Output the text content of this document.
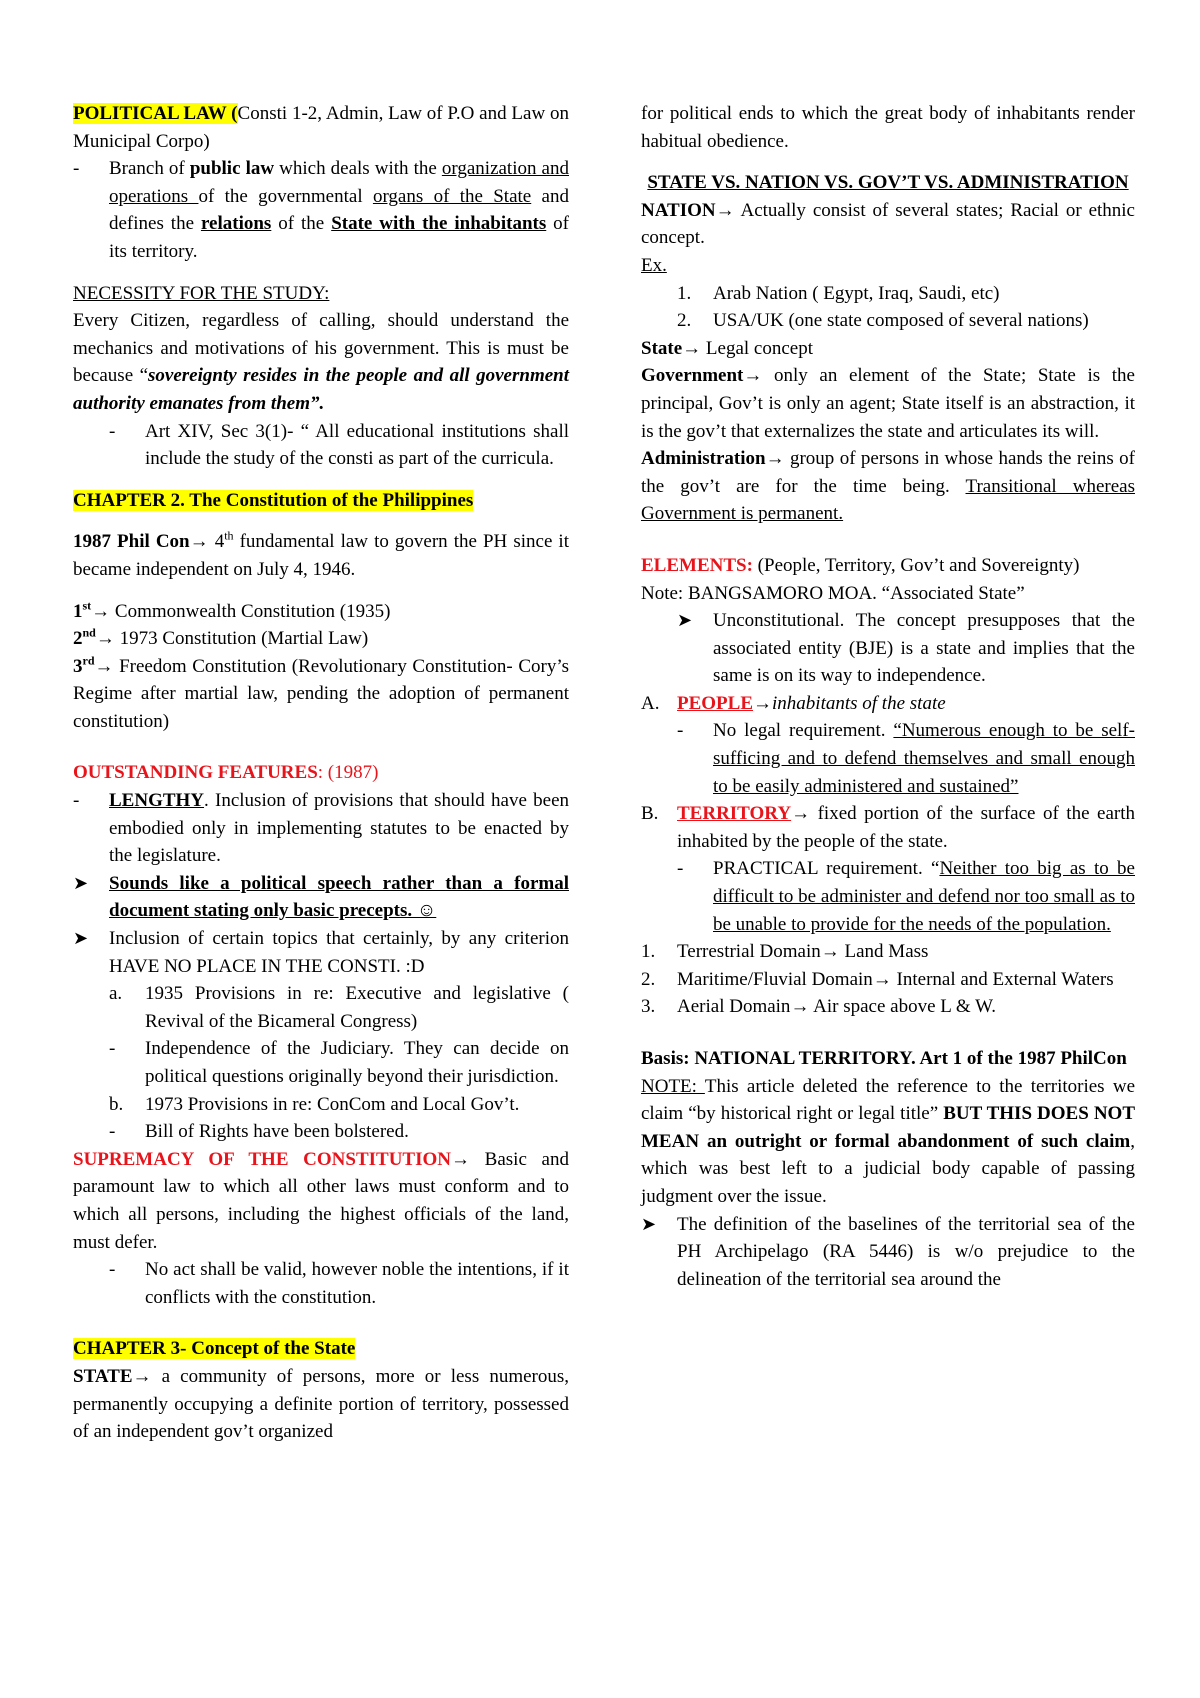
POLITICAL LAW (Consti 1-2, Admin, Law of P.O and Law on Municipal Corpo)

- Branch of public law which deals with the organization and operations of the governmental organs of the State and defines the relations of the State with the inhabitants of its territory.

NECESSITY FOR THE STUDY:

Every Citizen, regardless of calling, should understand the mechanics and motivations of his government. This is must be because “sovereignty resides in the people and all government authority emanates from them”.

- Art XIV, Sec 3(1)- “ All educational institutions shall include the study of the consti as part of the curricula.

CHAPTER 2. The Constitution of the Philippines

1987 Phil Con→ 4th fundamental law to govern the PH since it became independent on July 4, 1946.

1st→ Commonwealth Constitution (1935)

2nd→ 1973 Constitution (Martial Law)

3rd→ Freedom Constitution (Revolutionary Constitution- Cory’s Regime after martial law, pending the adoption of permanent constitution)

OUTSTANDING FEATURES: (1987)

- LENGTHY. Inclusion of provisions that should have been embodied only in implementing statutes to be enacted by the legislature.

➤ Sounds like a political speech rather than a formal document stating only basic precepts. ☺

➤ Inclusion of certain topics that certainly, by any criterion HAVE NO PLACE IN THE CONSTI. :D

a. 1935 Provisions in re: Executive and legislative ( Revival of the Bicameral Congress)

- Independence of the Judiciary. They can decide on political questions originally beyond their jurisdiction.

b. 1973 Provisions in re: ConCom and Local Gov’t.

- Bill of Rights have been bolstered.

SUPREMACY OF THE CONSTITUTION→ Basic and paramount law to which all other laws must conform and to which all persons, including the highest officials of the land, must defer.

- No act shall be valid, however noble the intentions, if it conflicts with the constitution.

CHAPTER 3- Concept of the State

STATE→ a community of persons, more or less numerous, permanently occupying a definite portion of territory, possessed of an independent gov’t organized

for political ends to which the great body of inhabitants render habitual obedience.

STATE VS. NATION VS. GOV’T VS. ADMINISTRATION

NATION→ Actually consist of several states; Racial or ethnic concept.

Ex.

1. Arab Nation ( Egypt, Iraq, Saudi, etc)

2. USA/UK (one state composed of several nations)

State→ Legal concept

Government→ only an element of the State; State is the principal, Gov’t is only an agent; State itself is an abstraction, it is the gov’t that externalizes the state and articulates its will.

Administration→ group of persons in whose hands the reins of the gov’t are for the time being. Transitional whereas Government is permanent.

ELEMENTS: (People, Territory, Gov’t and Sovereignty)

Note: BANGSAMORO MOA. “Associated State”

➤ Unconstitutional. The concept presupposes that the associated entity (BJE) is a state and implies that the same is on its way to independence.

A. PEOPLE→inhabitants of the state

- No legal requirement. “Numerous enough to be self-sufficing and to defend themselves and small enough to be easily administered and sustained”

B. TERRITORY→ fixed portion of the surface of the earth inhabited by the people of the state.

- PRACTICAL requirement. “Neither too big as to be difficult to be administer and defend nor too small as to be unable to provide for the needs of the population.

1. Terrestrial Domain→ Land Mass

2. Maritime/Fluvial Domain→ Internal and External Waters

3. Aerial Domain→ Air space above L & W.

Basis: NATIONAL TERRITORY. Art 1 of the 1987 PhilCon

NOTE: This article deleted the reference to the territories we claim “by historical right or legal title” BUT THIS DOES NOT MEAN an outright or formal abandonment of such claim, which was best left to a judicial body capable of passing judgment over the issue.

➤ The definition of the baselines of the territorial sea of the PH Archipelago (RA 5446) is w/o prejudice to the delineation of the territorial sea around the
